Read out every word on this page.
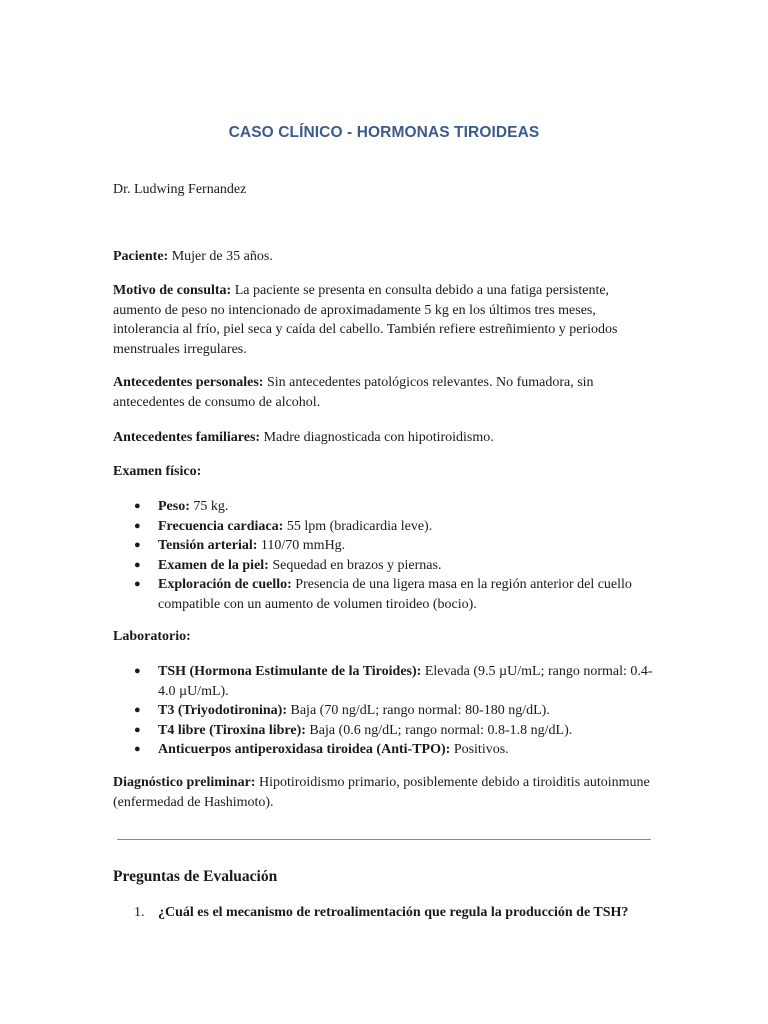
CASO CLÍNICO - HORMONAS TIROIDEAS
Dr. Ludwing Fernandez
Paciente: Mujer de 35 años.
Motivo de consulta: La paciente se presenta en consulta debido a una fatiga persistente, aumento de peso no intencionado de aproximadamente 5 kg en los últimos tres meses, intolerancia al frío, piel seca y caída del cabello. También refiere estreñimiento y periodos menstruales irregulares.
Antecedentes personales: Sin antecedentes patológicos relevantes. No fumadora, sin antecedentes de consumo de alcohol.
Antecedentes familiares: Madre diagnosticada con hipotiroidismo.
Examen físico:
● Peso: 75 kg.
● Frecuencia cardiaca: 55 lpm (bradicardia leve).
● Tensión arterial: 110/70 mmHg.
● Examen de la piel: Sequedad en brazos y piernas.
● Exploración de cuello: Presencia de una ligera masa en la región anterior del cuello compatible con un aumento de volumen tiroideo (bocio).
Laboratorio:
● TSH (Hormona Estimulante de la Tiroides): Elevada (9.5 µU/mL; rango normal: 0.4-4.0 µU/mL).
● T3 (Triyodotironina): Baja (70 ng/dL; rango normal: 80-180 ng/dL).
● T4 libre (Tiroxina libre): Baja (0.6 ng/dL; rango normal: 0.8-1.8 ng/dL).
● Anticuerpos antiperoxidasa tiroidea (Anti-TPO): Positivos.
Diagnóstico preliminar: Hipotiroidismo primario, posiblemente debido a tiroiditis autoinmune (enfermedad de Hashimoto).
Preguntas de Evaluación
1. ¿Cuál es el mecanismo de retroalimentación que regula la producción de TSH?
